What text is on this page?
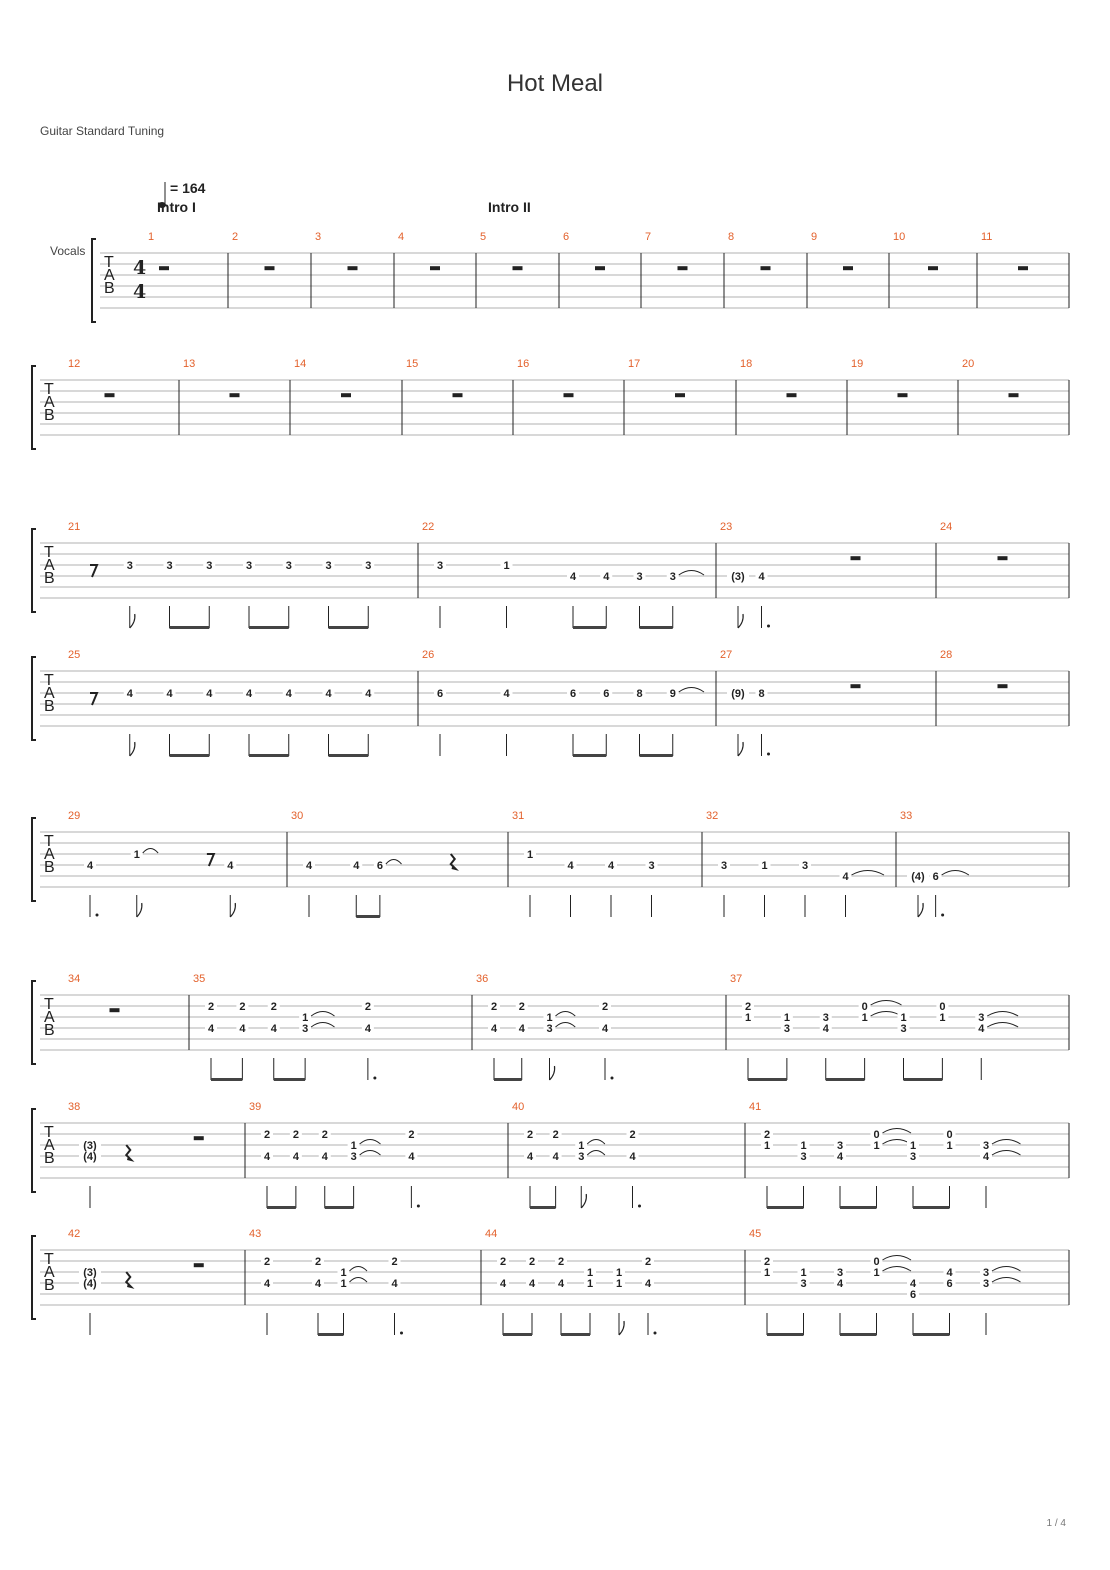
Hot Meal
Guitar Standard Tuning
= 164
Intro I	Intro II
Vocals
T
A
B
4
4
1	2	3	4	5	6	7	8	9	10	11
T
A
B
12	13	14	15	16	17	18	19	20
T
A
B
21
3	3	3	3	3	3	3
22
3	1
4 4 3 3
23
(3) 4
24
T
A
B
25
4	4	4	4	4	4	4
26
6	4	6 6 8 9
27
(9) 8
28
T
A
B
29
4
1
4
30
4	4 6
31
1
4	4	3
32
3	1	3
4
33
(4) 6
T
A
B
34	35
2
4
2
4
2
4
1
3
2
4
36
2
4
2
4
1
3
2
4
37
2
1	1
3
3
4
0
1	1
3
0
1	3
4
T
A
B
38
(3)
(4)
39
2
4
2
4
2
4
1
3
2
4
40
2
4
2
4
1
3
2
4
41
2
1	1
3
3
4
0
1	1
3
0
1	3
4
T
A
B
42
(3)
(4)
43
2
4
2
4
1
1
2
4
44
2
4
2
4
2
4
1
1
1
1
2
4
45
2
1	1
3
3
4
0
1
4
6
4
6
3
3
1 / 4
